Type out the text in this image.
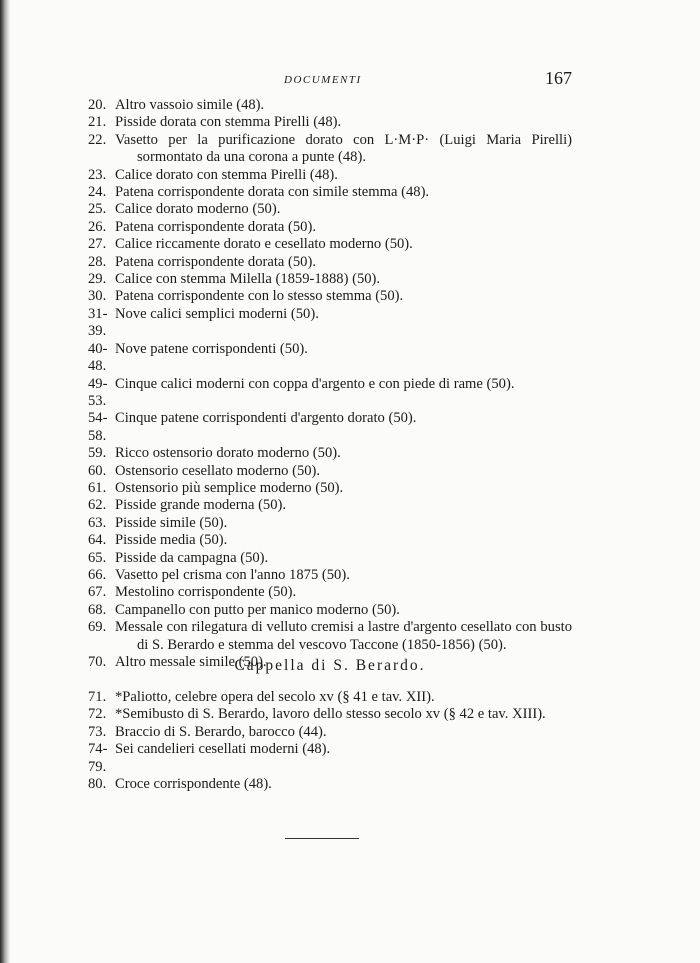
DOCUMENTI	167
20. Altro vassoio simile (48).
21. Pisside dorata con stemma Pirelli (48).
22. Vasetto per la purificazione dorato con L·M·P· (Luigi Maria Pirelli) sormontato da una corona a punte (48).
23. Calice dorato con stemma Pirelli (48).
24. Patena corrispondente dorata con simile stemma (48).
25. Calice dorato moderno (50).
26. Patena corrispondente dorata (50).
27. Calice riccamente dorato e cesellato moderno (50).
28. Patena corrispondente dorata (50).
29. Calice con stemma Milella (1859-1888) (50).
30. Patena corrispondente con lo stesso stemma (50).
31-39.
Nove calici semplici moderni (50).
40-48.
Nove patene corrispondenti (50).
49-53.
Cinque calici moderni con coppa d'argento e con piede di rame (50).
54-58.
Cinque patene corrispondenti d'argento dorato (50).
59. Ricco ostensorio dorato moderno (50).
60. Ostensorio cesellato moderno (50).
61. Ostensorio più semplice moderno (50).
62. Pisside grande moderna (50).
63. Pisside simile (50).
64. Pisside media (50).
65. Pisside da campagna (50).
66. Vasetto pel crisma con l'anno 1875 (50).
67. Mestolino corrispondente (50).
68. Campanello con putto per manico moderno (50).
69. Messale con rilegatura di velluto cremisi a lastre d'argento cesellato con busto di S. Berardo e stemma del vescovo Taccone (1850-1856) (50).
70. Altro messale simile (50).
Cappella di S. Berardo.
71. *Paliotto, celebre opera del secolo xv (§ 41 e tav. XII).
72. *Semibusto di S. Berardo, lavoro dello stesso secolo xv (§ 42 e tav. XIII).
73. Braccio di S. Berardo, barocco (44).
74-79.
Sei candelieri cesellati moderni (48).
80. Croce corrispondente (48).
